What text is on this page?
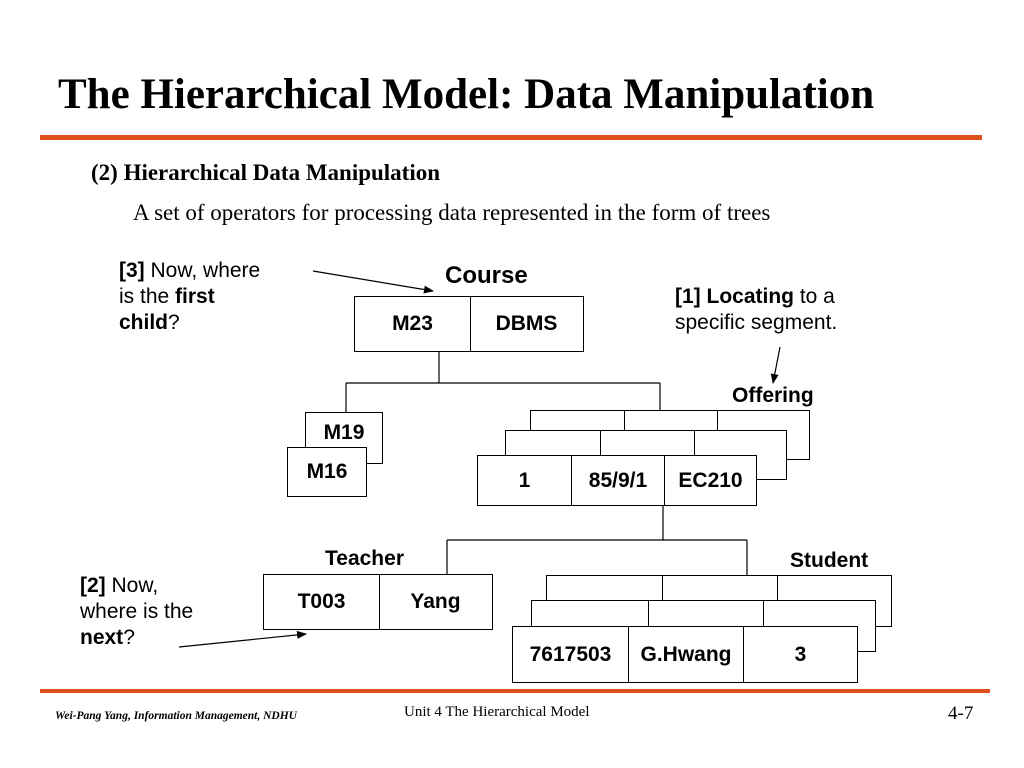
The Hierarchical Model: Data Manipulation
(2) Hierarchical Data Manipulation
A set of operators for processing data represented in the form of trees
[3] Now, where
is the first
child?
[1] Locating to a
specific segment.
[2] Now,
where is the
next?
Course
Offering
Teacher	Student
M23	DBMS
M19
M16	1	85/9/1	EC210
T003	Yang
7617503	G.Hwang	3
Wei-Pang Yang, Information Management, NDHU	Unit 4 The Hierarchical Model	4-7
